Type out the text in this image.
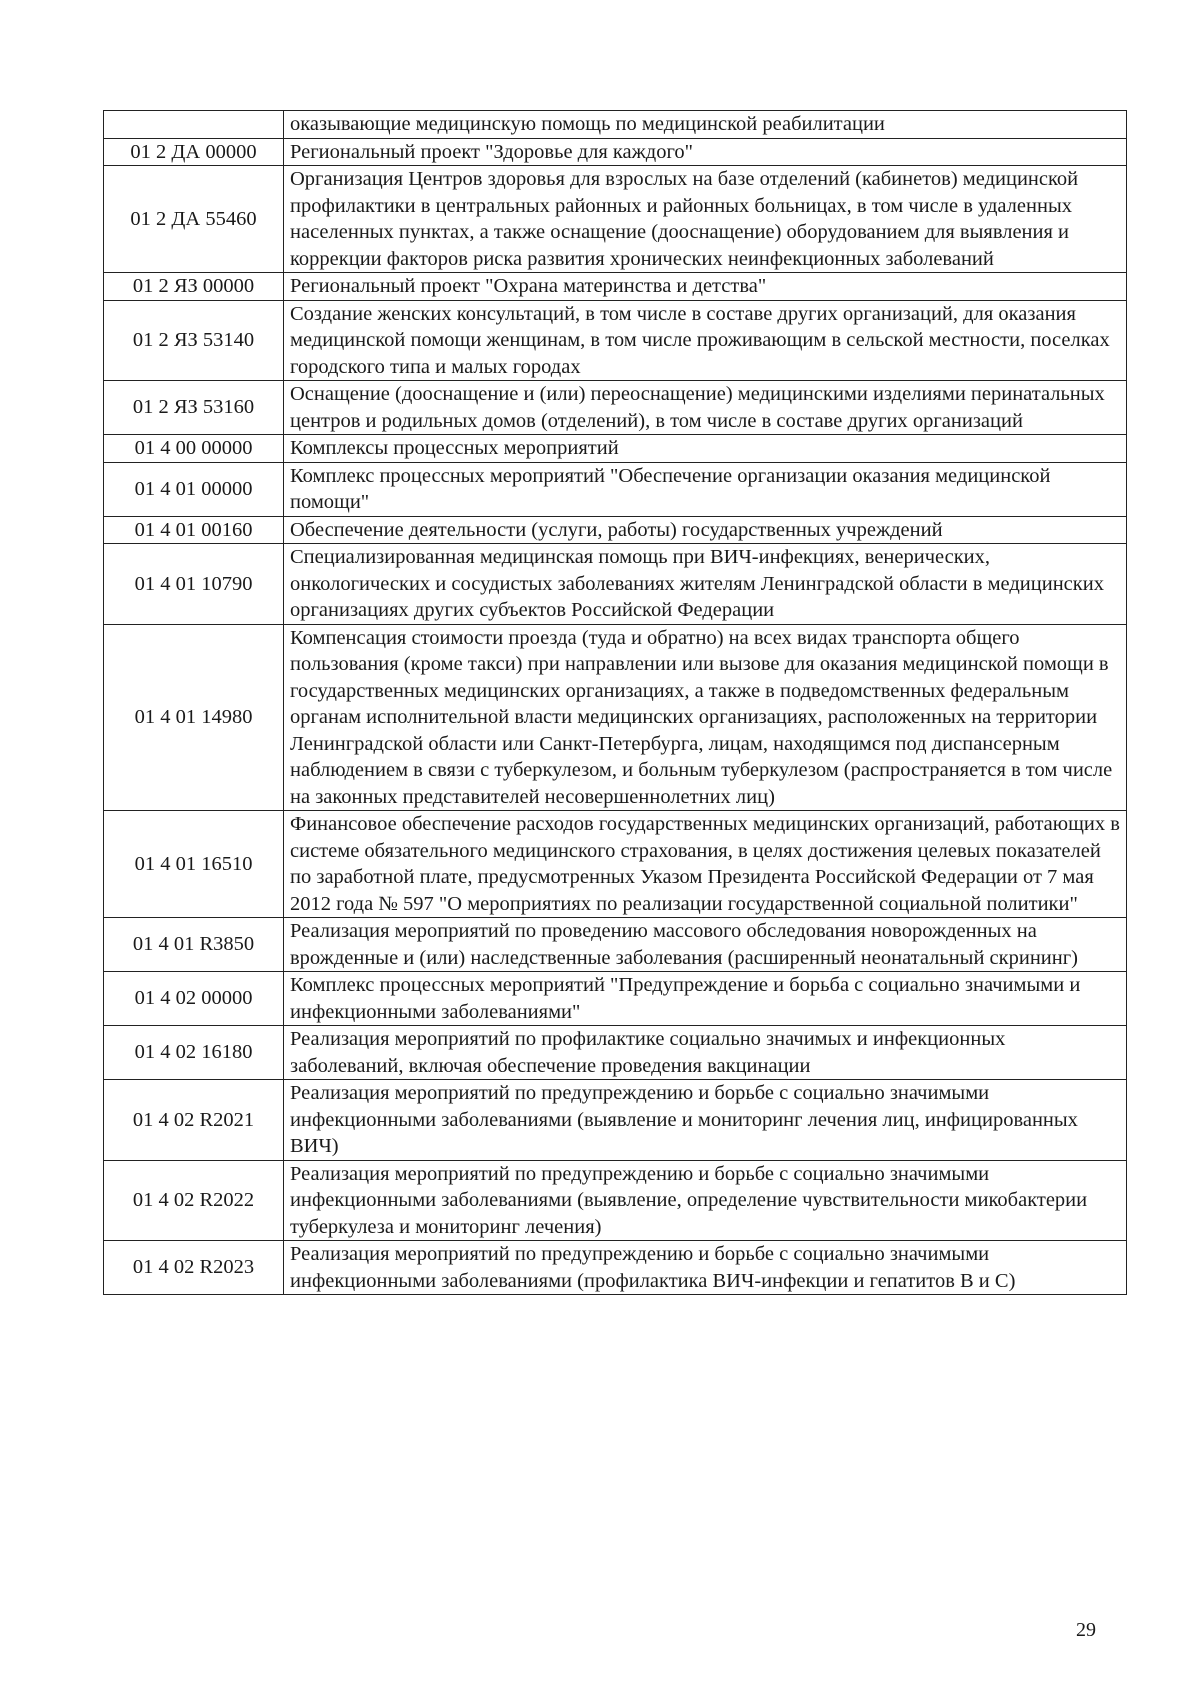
	оказывающие медицинскую помощь по медицинской реабилитации
01 2 ДА 00000	Региональный проект "Здоровье для каждого"
01 2 ДА 55460	Организация Центров здоровья для взрослых на базе отделений (кабинетов) медицинской профилактики в центральных районных и районных больницах, в том числе в удаленных населенных пунктах, а также оснащение (дооснащение) оборудованием для выявления и коррекции факторов риска развития хронических неинфекционных заболеваний
01 2 ЯЗ 00000	Региональный проект "Охрана материнства и детства"
01 2 ЯЗ 53140	Создание женских консультаций, в том числе в составе других организаций, для оказания медицинской помощи женщинам, в том числе проживающим в сельской местности, поселках городского типа и малых городах
01 2 ЯЗ 53160	Оснащение (дооснащение и (или) переоснащение) медицинскими изделиями перинатальных центров и родильных домов (отделений), в том числе в составе других организаций
01 4 00 00000	Комплексы процессных мероприятий
01 4 01 00000	Комплекс процессных мероприятий "Обеспечение организации оказания медицинской помощи"
01 4 01 00160	Обеспечение деятельности (услуги, работы) государственных учреждений
01 4 01 10790	Специализированная медицинская помощь при ВИЧ-инфекциях, венерических, онкологических и сосудистых заболеваниях жителям Ленинградской области в медицинских организациях других субъектов Российской Федерации
01 4 01 14980	Компенсация стоимости проезда (туда и обратно) на всех видах транспорта общего пользования (кроме такси) при направлении или вызове для оказания медицинской помощи в государственных медицинских организациях, а также в подведомственных федеральным органам исполнительной власти медицинских организациях, расположенных на территории Ленинградской области или Санкт-Петербурга, лицам, находящимся под диспансерным наблюдением в связи с туберкулезом, и больным туберкулезом (распространяется в том числе на законных представителей несовершеннолетних лиц)
01 4 01 16510	Финансовое обеспечение расходов государственных медицинских организаций, работающих в системе обязательного медицинского страхования, в целях достижения целевых показателей по заработной плате, предусмотренных Указом Президента Российской Федерации от 7 мая 2012 года № 597 "О мероприятиях по реализации государственной социальной политики"
01 4 01 R3850	Реализация мероприятий по проведению массового обследования новорожденных на врожденные и (или) наследственные заболевания (расширенный неонатальный скрининг)
01 4 02 00000	Комплекс процессных мероприятий "Предупреждение и борьба с социально значимыми и инфекционными заболеваниями"
01 4 02 16180	Реализация мероприятий по профилактике социально значимых и инфекционных заболеваний, включая обеспечение проведения вакцинации
01 4 02 R2021	Реализация мероприятий по предупреждению и борьбе с социально значимыми инфекционными заболеваниями (выявление и мониторинг лечения лиц, инфицированных ВИЧ)
01 4 02 R2022	Реализация мероприятий по предупреждению и борьбе с социально значимыми инфекционными заболеваниями (выявление, определение чувствительности микобактерии туберкулеза и мониторинг лечения)
01 4 02 R2023	Реализация мероприятий по предупреждению и борьбе с социально значимыми инфекционными заболеваниями (профилактика ВИЧ-инфекции и гепатитов В и С)
29
